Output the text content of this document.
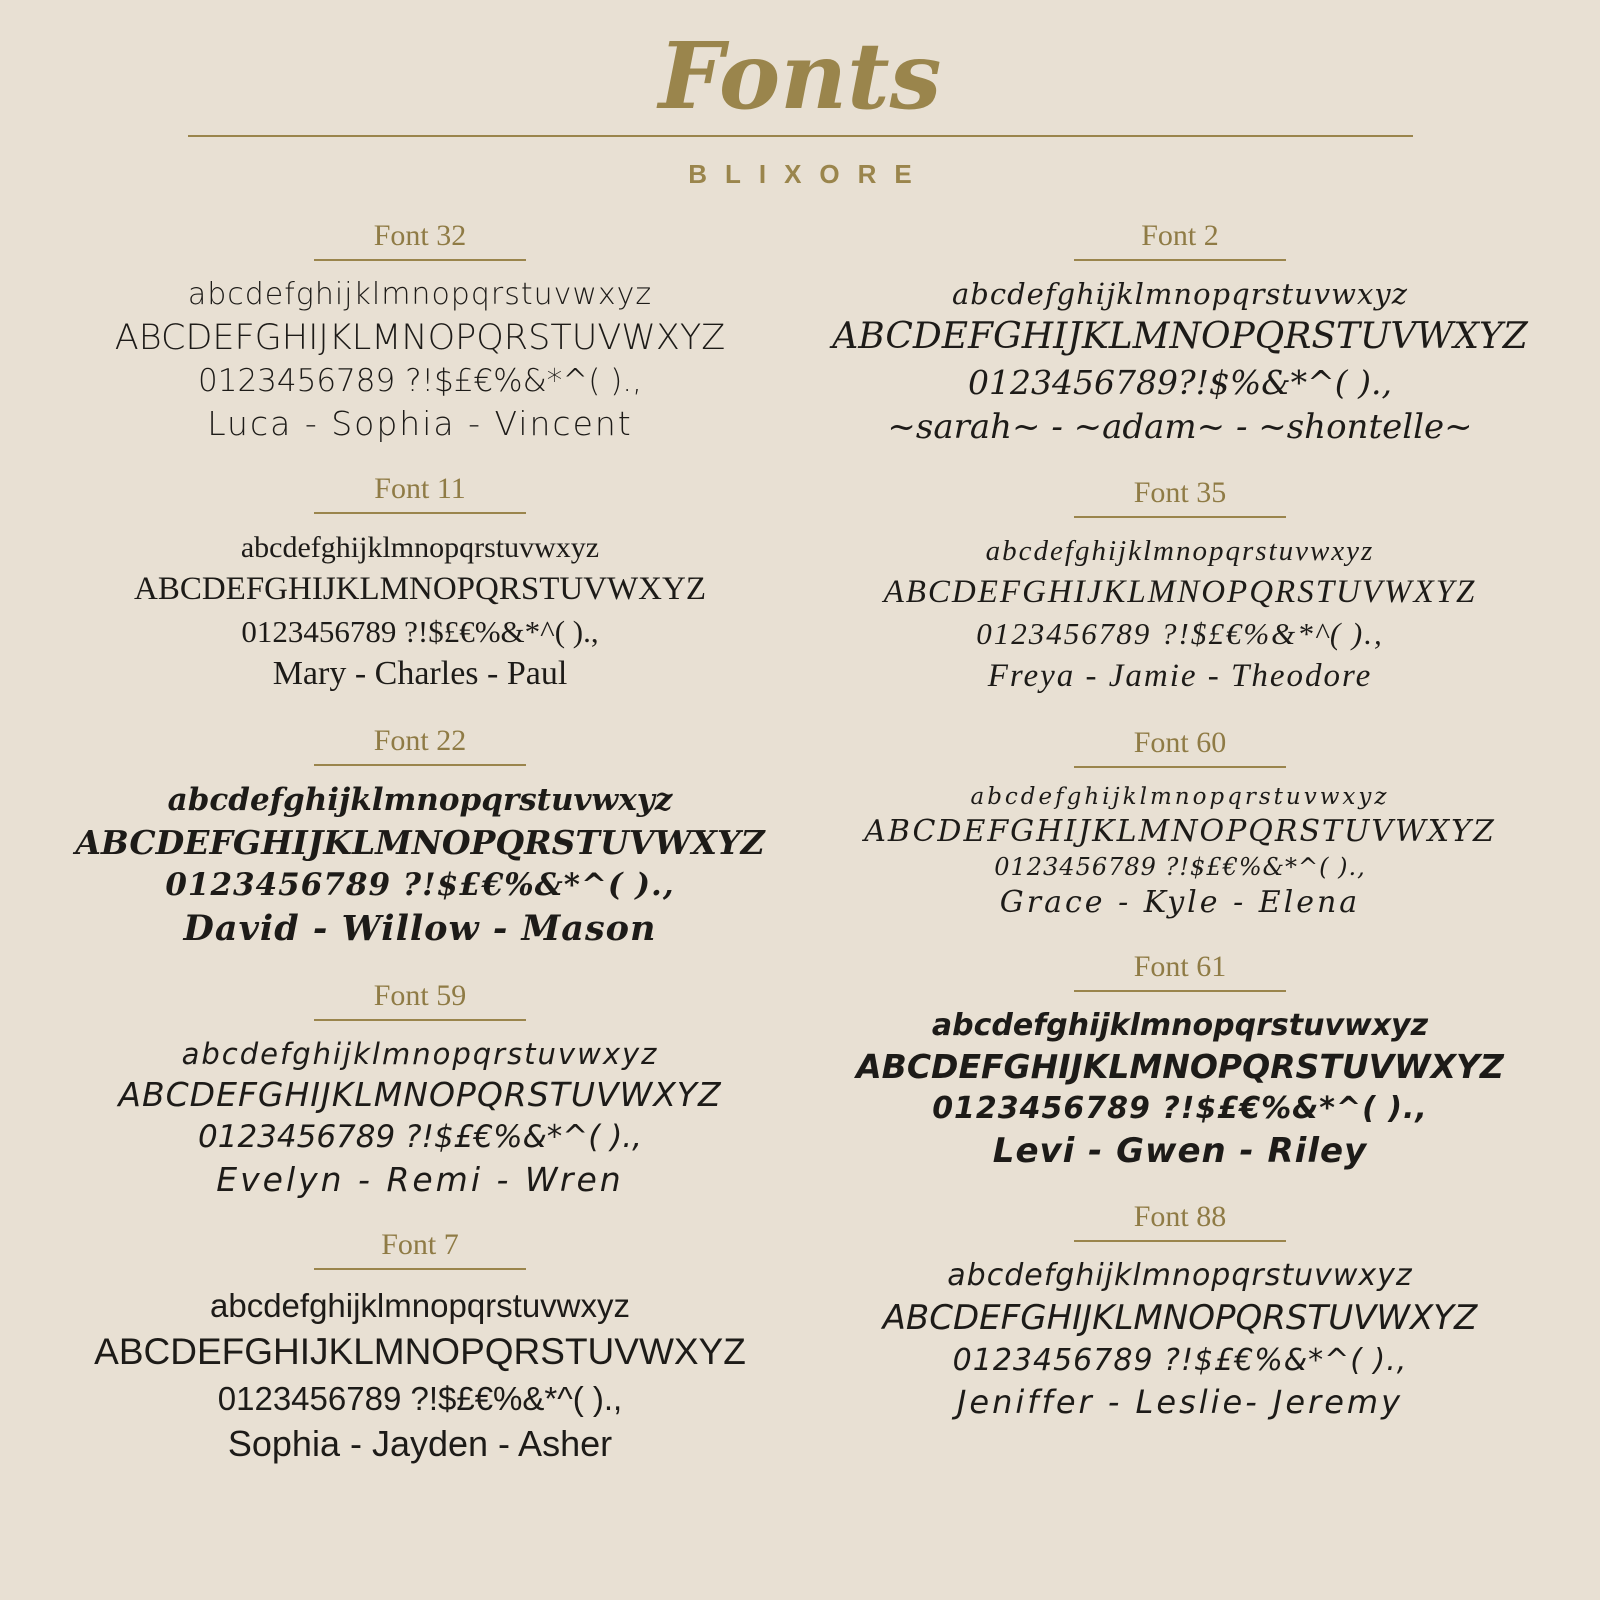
Fonts
BLIXORE
Font 32
abcdefghijklmnopqrstuvwxyz
ABCDEFGHIJKLMNOPQRSTUVWXYZ
0123456789 ?!$£€%&*^( ).,
Luca - Sophia - Vincent
Font 11
abcdefghijklmnopqrstuvwxyz
ABCDEFGHIJKLMNOPQRSTUVWXYZ
0123456789 ?!$£€%&*^( ).,
Mary - Charles - Paul
Font 22
abcdefghijklmnopqrstuvwxyz
ABCDEFGHIJKLMNOPQRSTUVWXYZ
0123456789 ?!$£€%&*^( ).,
David - Willow - Mason
Font 59
abcdefghijklmnopqrstuvwxyz
ABCDEFGHIJKLMNOPQRSTUVWXYZ
0123456789 ?!$£€%&*^( ).,
Evelyn - Remi - Wren
Font 7
abcdefghijklmnopqrstuvwxyz
ABCDEFGHIJKLMNOPQRSTUVWXYZ
0123456789 ?!$£€%&*^( ).,
Sophia - Jayden - Asher
Font 2
abcdefghijklmnopqrstuvwxyz
ABCDEFGHIJKLMNOPQRSTUVWXYZ
0123456789?!$%&*^( ).,
~sarah~ - ~adam~ - ~shontelle~
Font 35
abcdefghijklmnopqrstuvwxyz
ABCDEFGHIJKLMNOPQRSTUVWXYZ
0123456789 ?!$£€%&*^( ).,
Freya - Jamie - Theodore
Font 60
abcdefghijklmnopqrstuvwxyz
ABCDEFGHIJKLMNOPQRSTUVWXYZ
0123456789 ?!$£€%&*^( ).,
Grace - Kyle - Elena
Font 61
abcdefghijklmnopqrstuvwxyz
ABCDEFGHIJKLMNOPQRSTUVWXYZ
0123456789 ?!$£€%&*^( ).,
Levi - Gwen - Riley
Font 88
abcdefghijklmnopqrstuvwxyz
ABCDEFGHIJKLMNOPQRSTUVWXYZ
0123456789 ?!$£€%&*^( ).,
Jeniffer - Leslie- Jeremy
